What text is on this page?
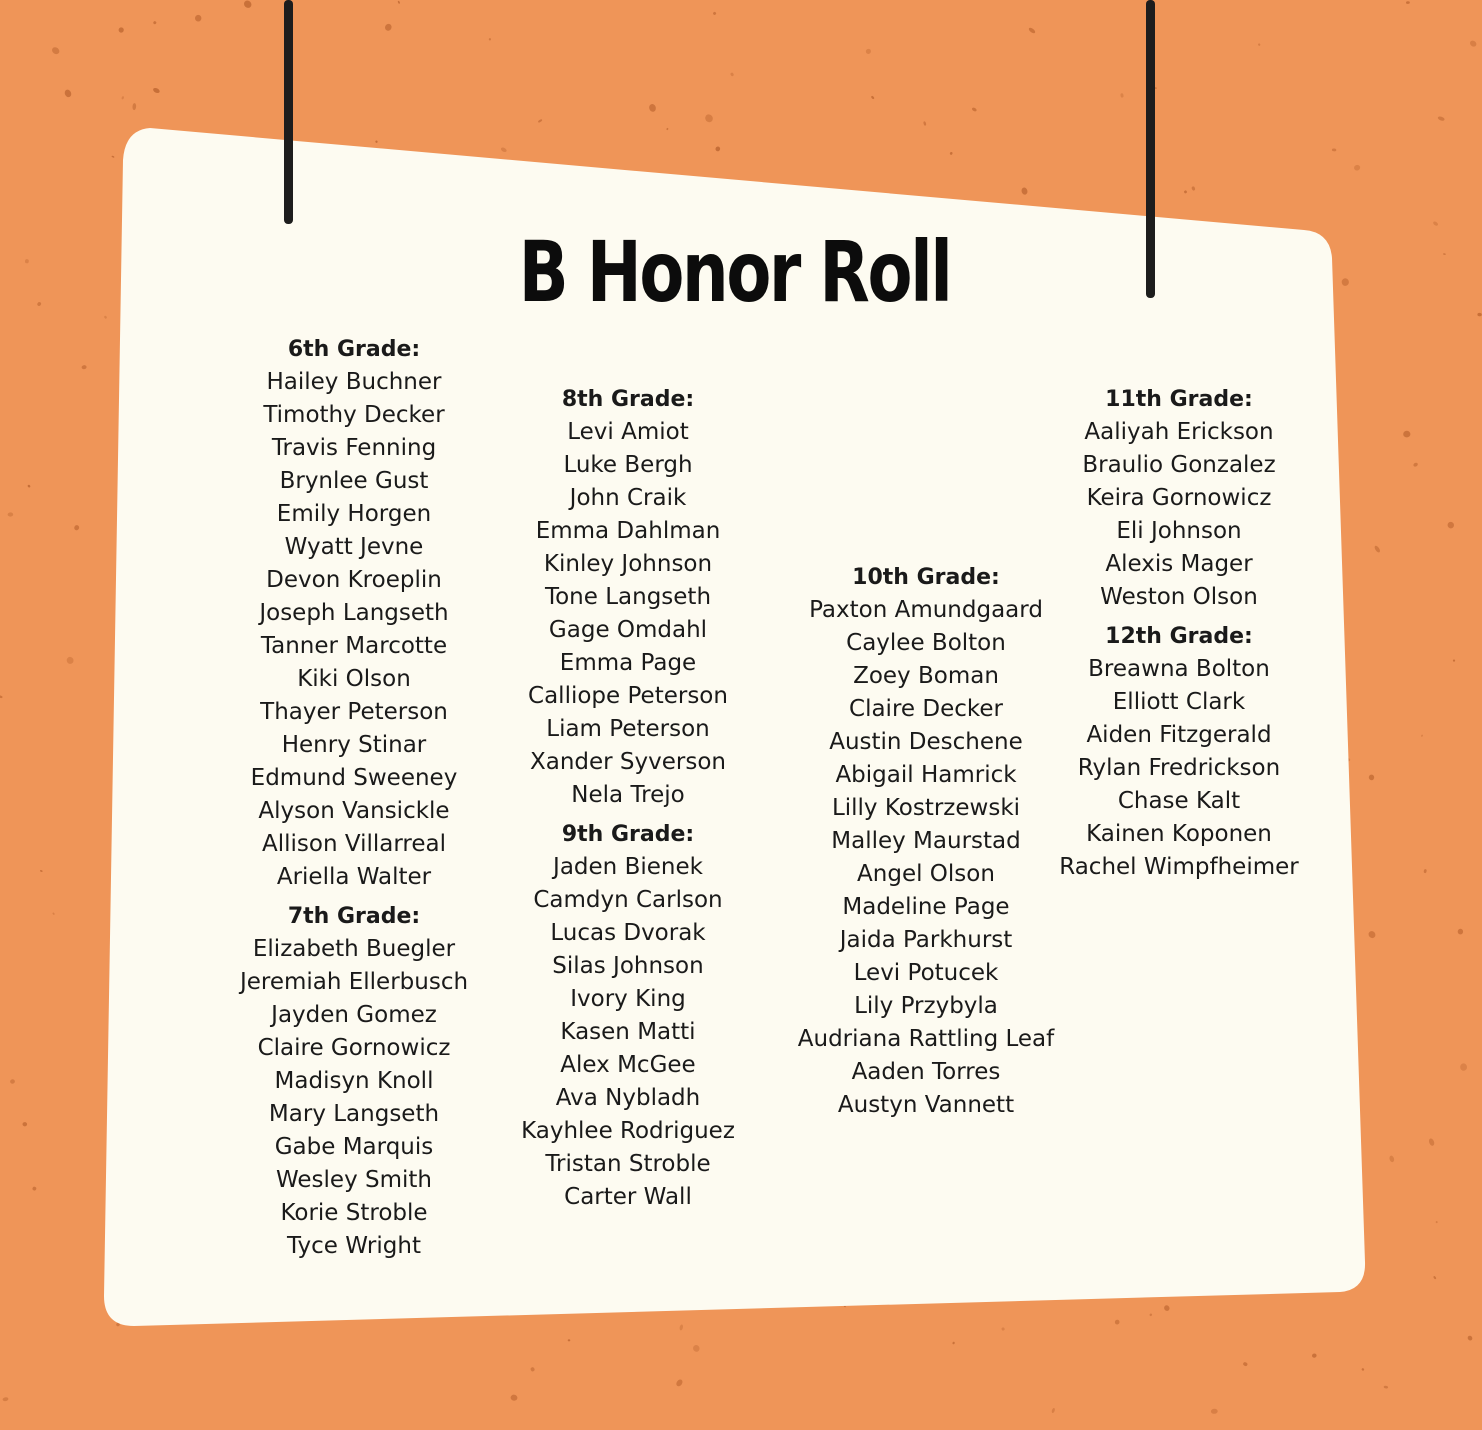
B Honor Roll
6th Grade:
Hailey Buchner
Timothy Decker
Travis Fenning
Brynlee Gust
Emily Horgen
Wyatt Jevne
Devon Kroeplin
Joseph Langseth
Tanner Marcotte
Kiki Olson
Thayer Peterson
Henry Stinar
Edmund Sweeney
Alyson Vansickle
Allison Villarreal
Ariella Walter
7th Grade:
Elizabeth Buegler
Jeremiah Ellerbusch
Jayden Gomez
Claire Gornowicz
Madisyn Knoll
Mary Langseth
Gabe Marquis
Wesley Smith
Korie Stroble
Tyce Wright
8th Grade:
Levi Amiot
Luke Bergh
John Craik
Emma Dahlman
Kinley Johnson
Tone Langseth
Gage Omdahl
Emma Page
Calliope Peterson
Liam Peterson
Xander Syverson
Nela Trejo
9th Grade:
Jaden Bienek
Camdyn Carlson
Lucas Dvorak
Silas Johnson
Ivory King
Kasen Matti
Alex McGee
Ava Nybladh
Kayhlee Rodriguez
Tristan Stroble
Carter Wall
10th Grade:
Paxton Amundgaard
Caylee Bolton
Zoey Boman
Claire Decker
Austin Deschene
Abigail Hamrick
Lilly Kostrzewski
Malley Maurstad
Angel Olson
Madeline Page
Jaida Parkhurst
Levi Potucek
Lily Przybyla
Audriana Rattling Leaf
Aaden Torres
Austyn Vannett
11th Grade:
Aaliyah Erickson
Braulio Gonzalez
Keira Gornowicz
Eli Johnson
Alexis Mager
Weston Olson
12th Grade:
Breawna Bolton
Elliott Clark
Aiden Fitzgerald
Rylan Fredrickson
Chase Kalt
Kainen Koponen
Rachel Wimpfheimer
